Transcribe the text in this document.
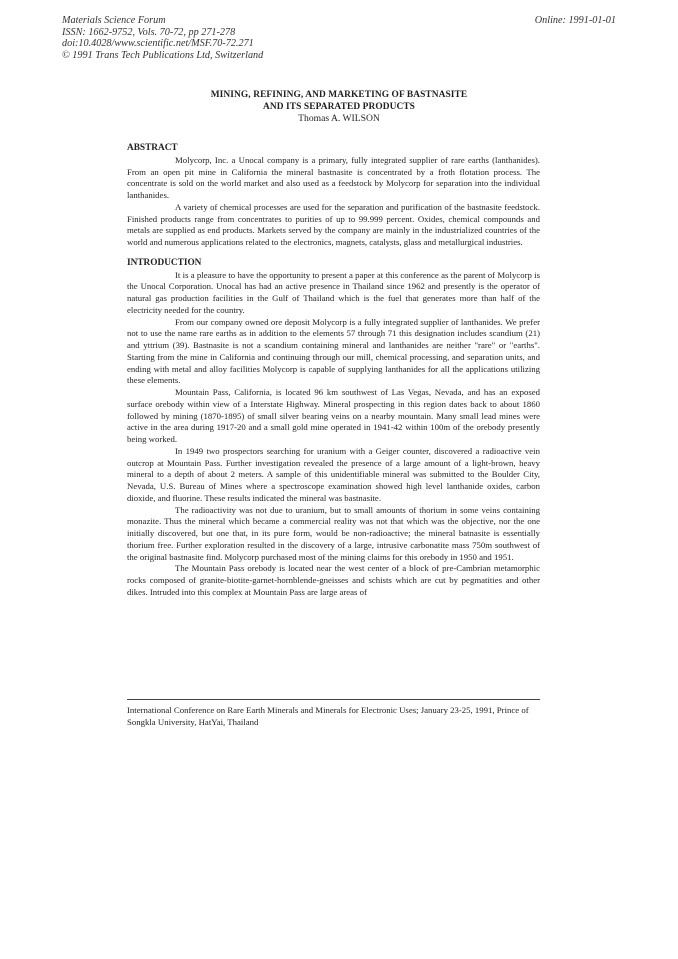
Materials Science Forum
ISSN: 1662-9752, Vols. 70-72, pp 271-278
doi:10.4028/www.scientific.net/MSF.70-72.271
© 1991 Trans Tech Publications Ltd, Switzerland
Online: 1991-01-01
MINING, REFINING, AND MARKETING OF BASTNASITE
AND ITS SEPARATED PRODUCTS
Thomas A. WILSON

ABSTRACT

Molycorp, Inc. a Unocal company is a primary, fully integrated supplier of rare earths (lanthanides). From an open pit mine in California the mineral bastnasite is concentrated by a froth flotation process. The concentrate is sold on the world market and also used as a feedstock by Molycorp for separation into the individual lanthanides.

A variety of chemical processes are used for the separation and purification of the bastnasite feedstock. Finished products range from concentrates to purities of up to 99.999 percent. Oxides, chemical compounds and metals are supplied as end products. Markets served by the company are mainly in the industrialized countries of the world and numerous applications related to the electronics, magnets, catalysts, glass and metallurgical industries.

INTRODUCTION

It is a pleasure to have the opportunity to present a paper at this conference as the parent of Molycorp is the Unocal Corporation. Unocal has had an active presence in Thailand since 1962 and presently is the operator of natural gas production facilities in the Gulf of Thailand which is the fuel that generates more than half of the electricity needed for the country.

From our company owned ore deposit Molycorp is a fully integrated supplier of lanthanides. We prefer not to use the name rare earths as in addition to the elements 57 through 71 this designation includes scandium (21) and yttrium (39). Bastnasite is not a scandium containing mineral and lanthanides are neither "rare" or "earths". Starting from the mine in California and continuing through our mill, chemical processing, and separation units, and ending with metal and alloy facilities Molycorp is capable of supplying lanthanides for all the applications utilizing these elements.

Mountain Pass, California, is located 96 km southwest of Las Vegas, Nevada, and has an exposed surface orebody within view of a Interstate Highway. Mineral prospecting in this region dates back to about 1860 followed by mining (1870-1895) of small silver bearing veins on a nearby mountain. Many small lead mines were active in the area during 1917-20 and a small gold mine operated in 1941-42 within 100m of the orebody presently being worked.

In 1949 two prospectors searching for uranium with a Geiger counter, discovered a radioactive vein outcrop at Mountain Pass. Further investigation revealed the presence of a large amount of a light-brown, heavy mineral to a depth of about 2 meters. A sample of this unidentifiable mineral was submitted to the Boulder City, Nevada, U.S. Bureau of Mines where a spectroscope examination showed high level lanthanide oxides, carbon dioxide, and fluorine. These results indicated the mineral was bastnasite.

The radioactivity was not due to uranium, but to small amounts of thorium in some veins containing monazite. Thus the mineral which became a commercial reality was not that which was the objective, nor the one initially discovered, but one that, in its pure form, would be non-radioactive; the mineral batnasite is essentially thorium free. Further exploration resulted in the discovery of a large, intrusive carbonatite mass 750m southwest of the original bastnasite find. Molycorp purchased most of the mining claims for this orebody in 1950 and 1951.

The Mountain Pass orebody is located near the west center of a block of pre-Cambrian metamorphic rocks composed of granite-biotite-garnet-hornblende-gneisses and schists which are cut by pegmatities and other dikes. Intruded into this complex at Mountain Pass are large areas of

International Conference on Rare Earth Minerals and Minerals for Electronic Uses; January 23-25, 1991, Prince of Songkla University, HatYai, Thailand
